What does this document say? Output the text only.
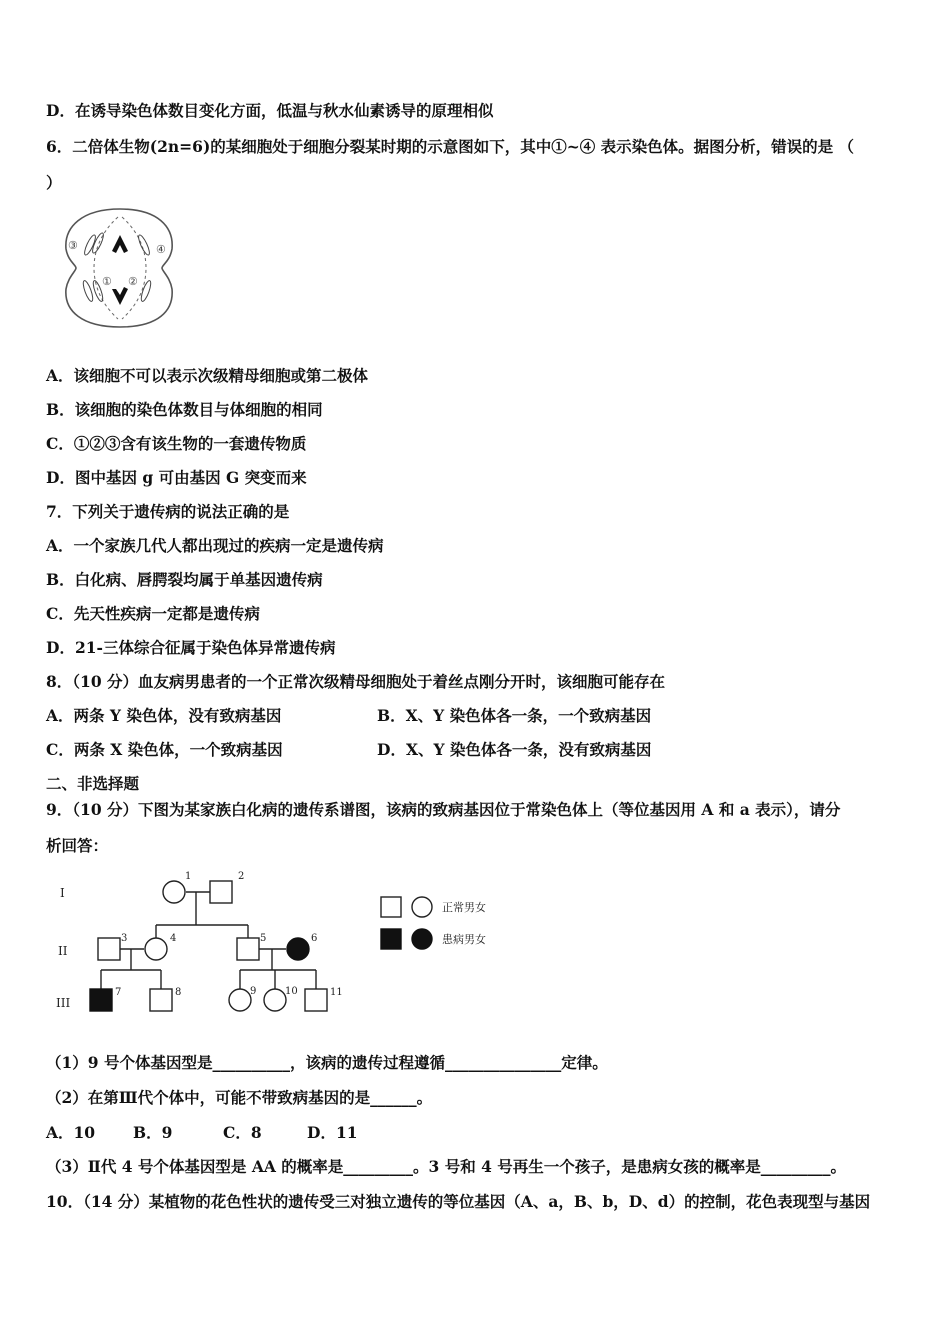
D．在诱导染色体数目变化方面，低温与秋水仙素诱导的原理相似
6．二倍体生物(2n=6)的某细胞处于细胞分裂某时期的示意图如下，其中①~④ 表示染色体。据图分析，错误的是 （
）
① ②
③	④
A．该细胞不可以表示次级精母细胞或第二极体
B．该细胞的染色体数目与体细胞的相同
C．①②③含有该生物的一套遗传物质
D．图中基因 g 可由基因 G 突变而来
7．下列关于遗传病的说法正确的是
A．一个家族几代人都出现过的疾病一定是遗传病
B．白化病、唇腭裂均属于单基因遗传病
C．先天性疾病一定都是遗传病
D．21-三体综合征属于染色体异常遗传病
8．（10 分）血友病男患者的一个正常次级精母细胞处于着丝点刚分开时，该细胞可能存在
A．两条 Y 染色体，没有致病基因	B．X、Y 染色体各一条，一个致病基因
C．两条 X 染色体，一个致病基因	D．X、Y 染色体各一条，没有致病基因
二、非选择题
9．（10 分）下图为某家族白化病的遗传系谱图，该病的致病基因位于常染色体上（等位基因用 A 和 a 表示），请分
析回答：
I
II
III
1	2
3	4	5	6
7	8	9	10	11
正常男女
患病男女
（1）9 号个体基因型是__________，该病的遗传过程遵循_______________定律。
（2）在第Ⅲ代个体中，可能不带致病基因的是______。
A．10 B．9	C．8	D．11
（3）Ⅱ代 4 号个体基因型是 AA 的概率是_________。3 号和 4 号再生一个孩子，是患病女孩的概率是_________。
10．（14 分）某植物的花色性状的遗传受三对独立遗传的等位基因（A、a，B、b，D、d）的控制，花色表现型与基因
